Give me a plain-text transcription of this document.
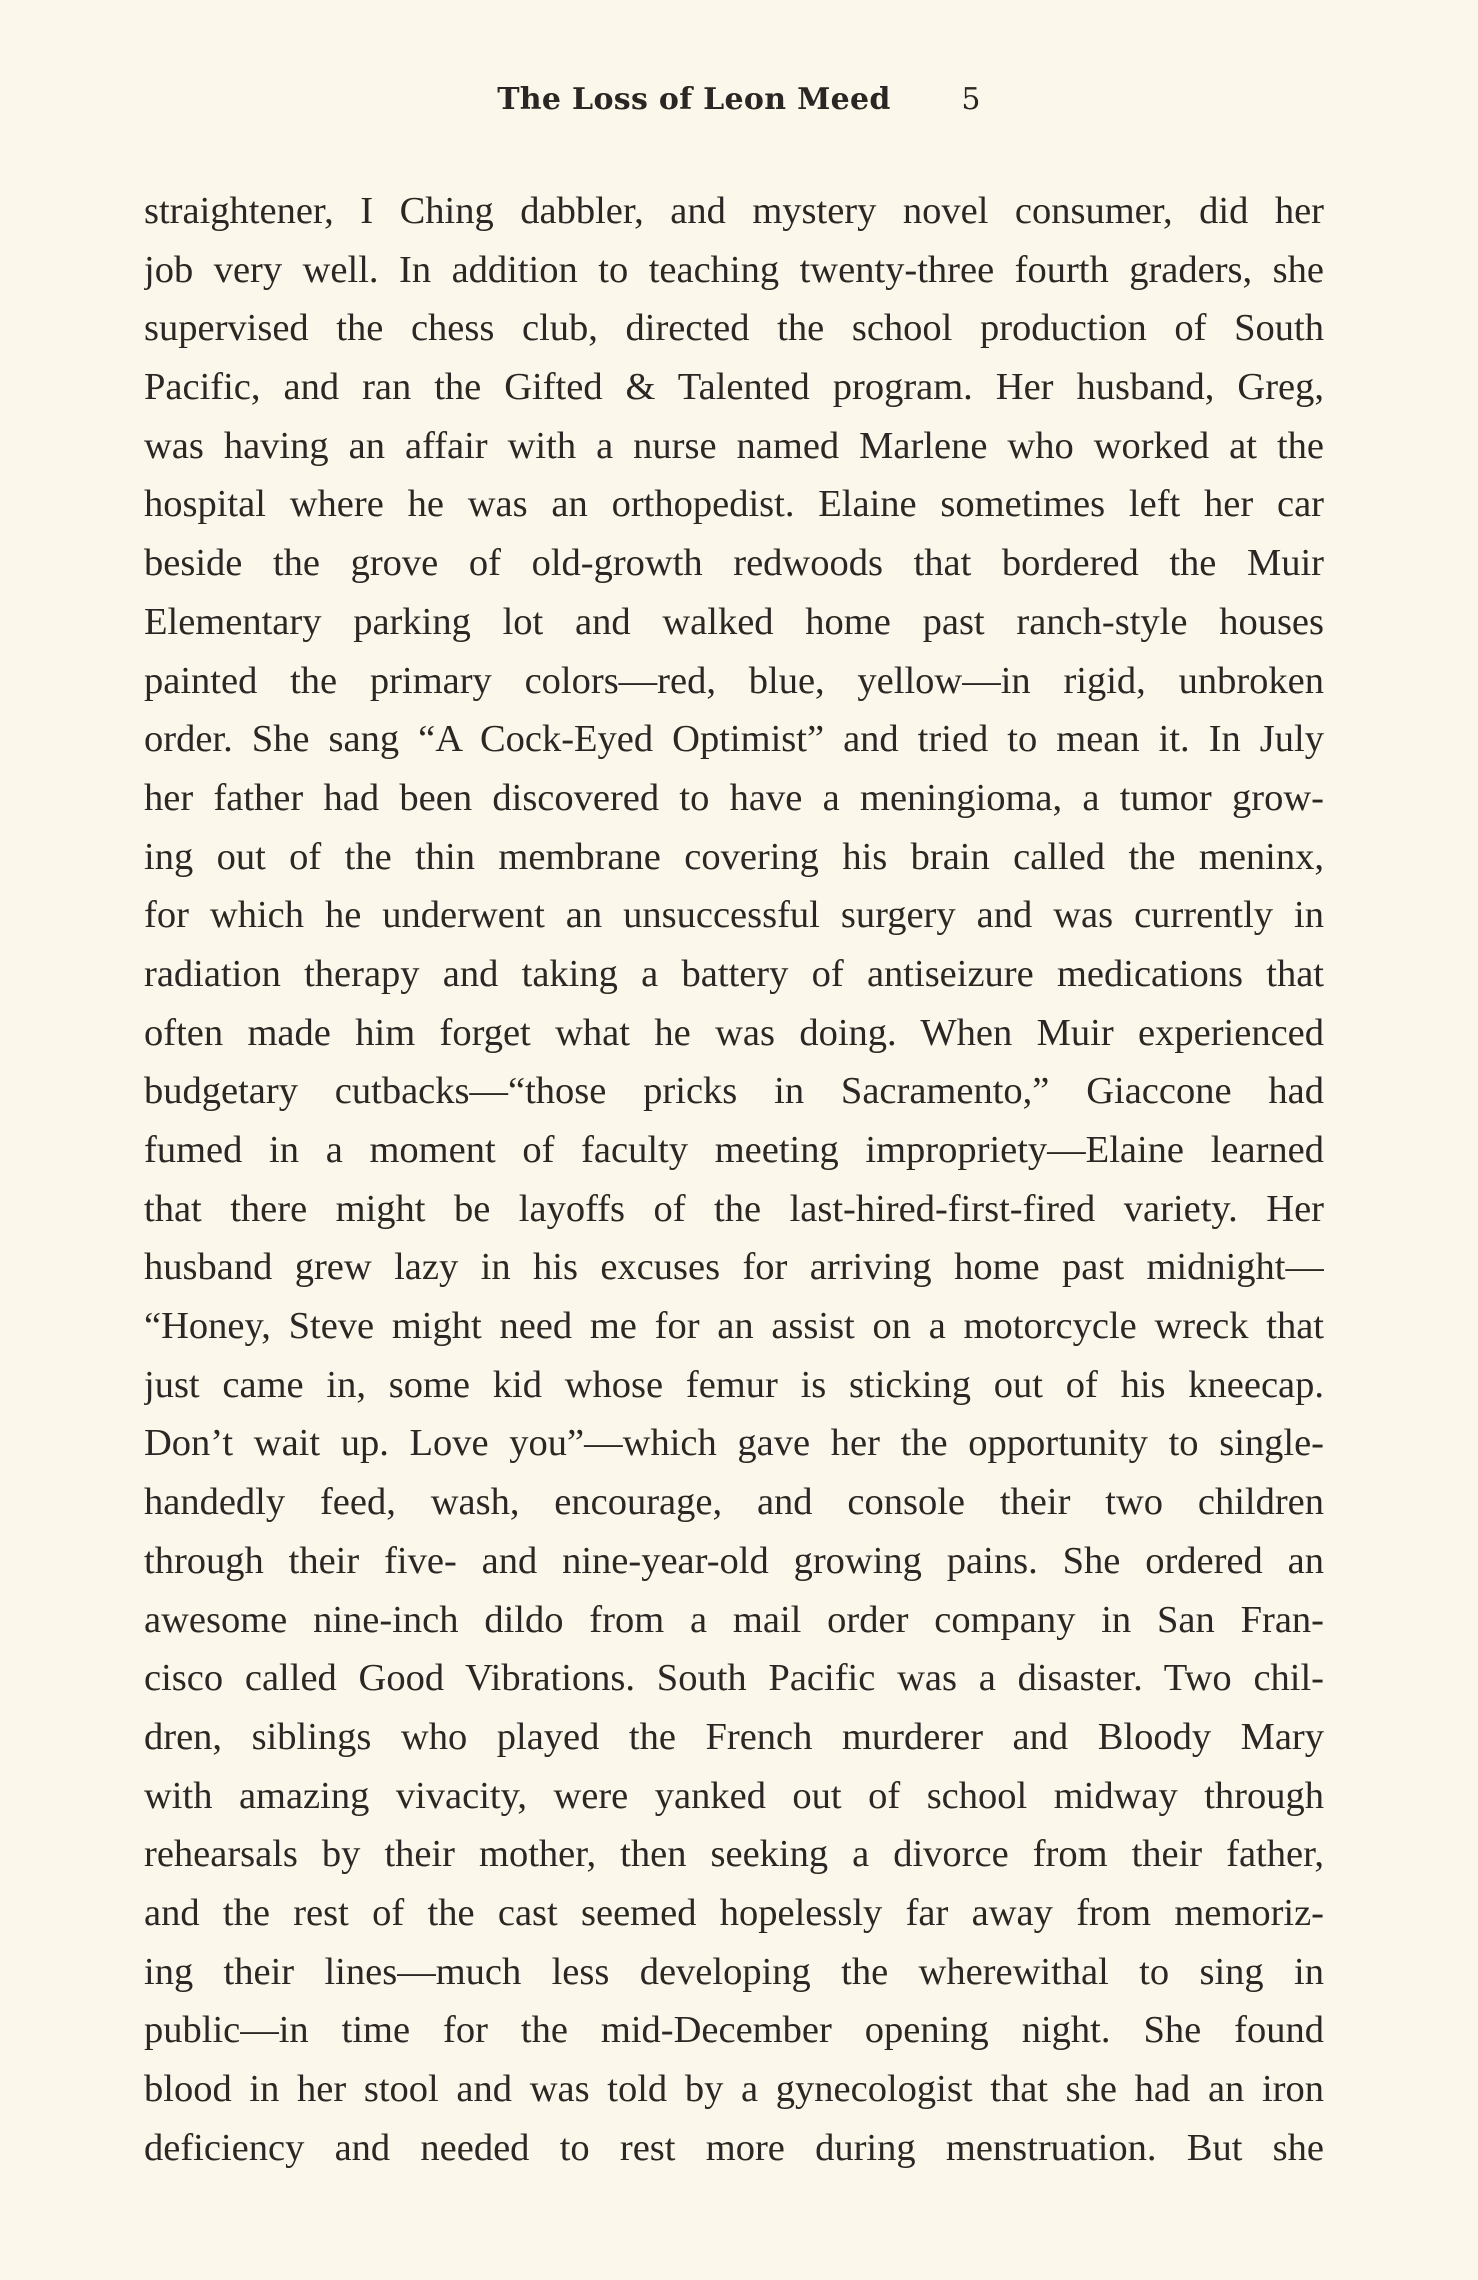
The Loss of Leon Meed 5
straightener, I Ching dabbler, and mystery novel consumer, did her
job very well. In addition to teaching twenty-three fourth graders, she
supervised the chess club, directed the school production of South
Pacific, and ran the Gifted & Talented program. Her husband, Greg,
was having an affair with a nurse named Marlene who worked at the
hospital where he was an orthopedist. Elaine sometimes left her car
beside the grove of old-growth redwoods that bordered the Muir
Elementary parking lot and walked home past ranch-style houses
painted the primary colors—red, blue, yellow—in rigid, unbroken
order. She sang “A Cock-Eyed Optimist” and tried to mean it. In July
her father had been discovered to have a meningioma, a tumor grow-
ing out of the thin membrane covering his brain called the meninx,
for which he underwent an unsuccessful surgery and was currently in
radiation therapy and taking a battery of antiseizure medications that
often made him forget what he was doing. When Muir experienced
budgetary cutbacks—“those pricks in Sacramento,” Giaccone had
fumed in a moment of faculty meeting impropriety—Elaine learned
that there might be layoffs of the last-hired-first-fired variety. Her
husband grew lazy in his excuses for arriving home past midnight—
“Honey, Steve might need me for an assist on a motorcycle wreck that
just came in, some kid whose femur is sticking out of his kneecap.
Don’t wait up. Love you”—which gave her the opportunity to single-
handedly feed, wash, encourage, and console their two children
through their five- and nine-year-old growing pains. She ordered an
awesome nine-inch dildo from a mail order company in San Fran-
cisco called Good Vibrations. South Pacific was a disaster. Two chil-
dren, siblings who played the French murderer and Bloody Mary
with amazing vivacity, were yanked out of school midway through
rehearsals by their mother, then seeking a divorce from their father,
and the rest of the cast seemed hopelessly far away from memoriz-
ing their lines—much less developing the wherewithal to sing in
public—in time for the mid-December opening night. She found
blood in her stool and was told by a gynecologist that she had an iron
deficiency and needed to rest more during menstruation. But she
